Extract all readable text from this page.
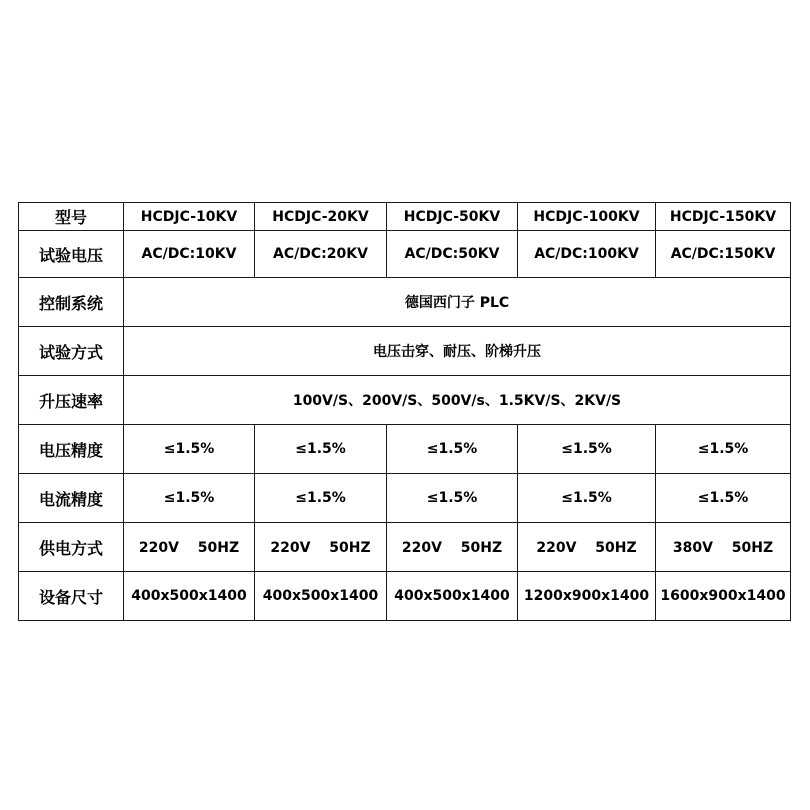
型号	HCDJC-10KV	HCDJC-20KV	HCDJC-50KV	HCDJC-100KV	HCDJC-150KV
试验电压	AC/DC:10KV	AC/DC:20KV	AC/DC:50KV	AC/DC:100KV	AC/DC:150KV
控制系统	德国西门子 PLC				
试验方式	电压击穿、耐压、阶梯升压				
升压速率	100V/S、200V/S、500V/s、1.5KV/S、2KV/S				
电压精度	≤1.5%	≤1.5%	≤1.5%	≤1.5%	≤1.5%
电流精度	≤1.5%	≤1.5%	≤1.5%	≤1.5%	≤1.5%
供电方式	220V　 50HZ	220V　 50HZ	220V　 50HZ	220V　 50HZ	380V　 50HZ
设备尺寸	400x500x1400	400x500x1400	400x500x1400	1200x900x1400	1600x900x1400
